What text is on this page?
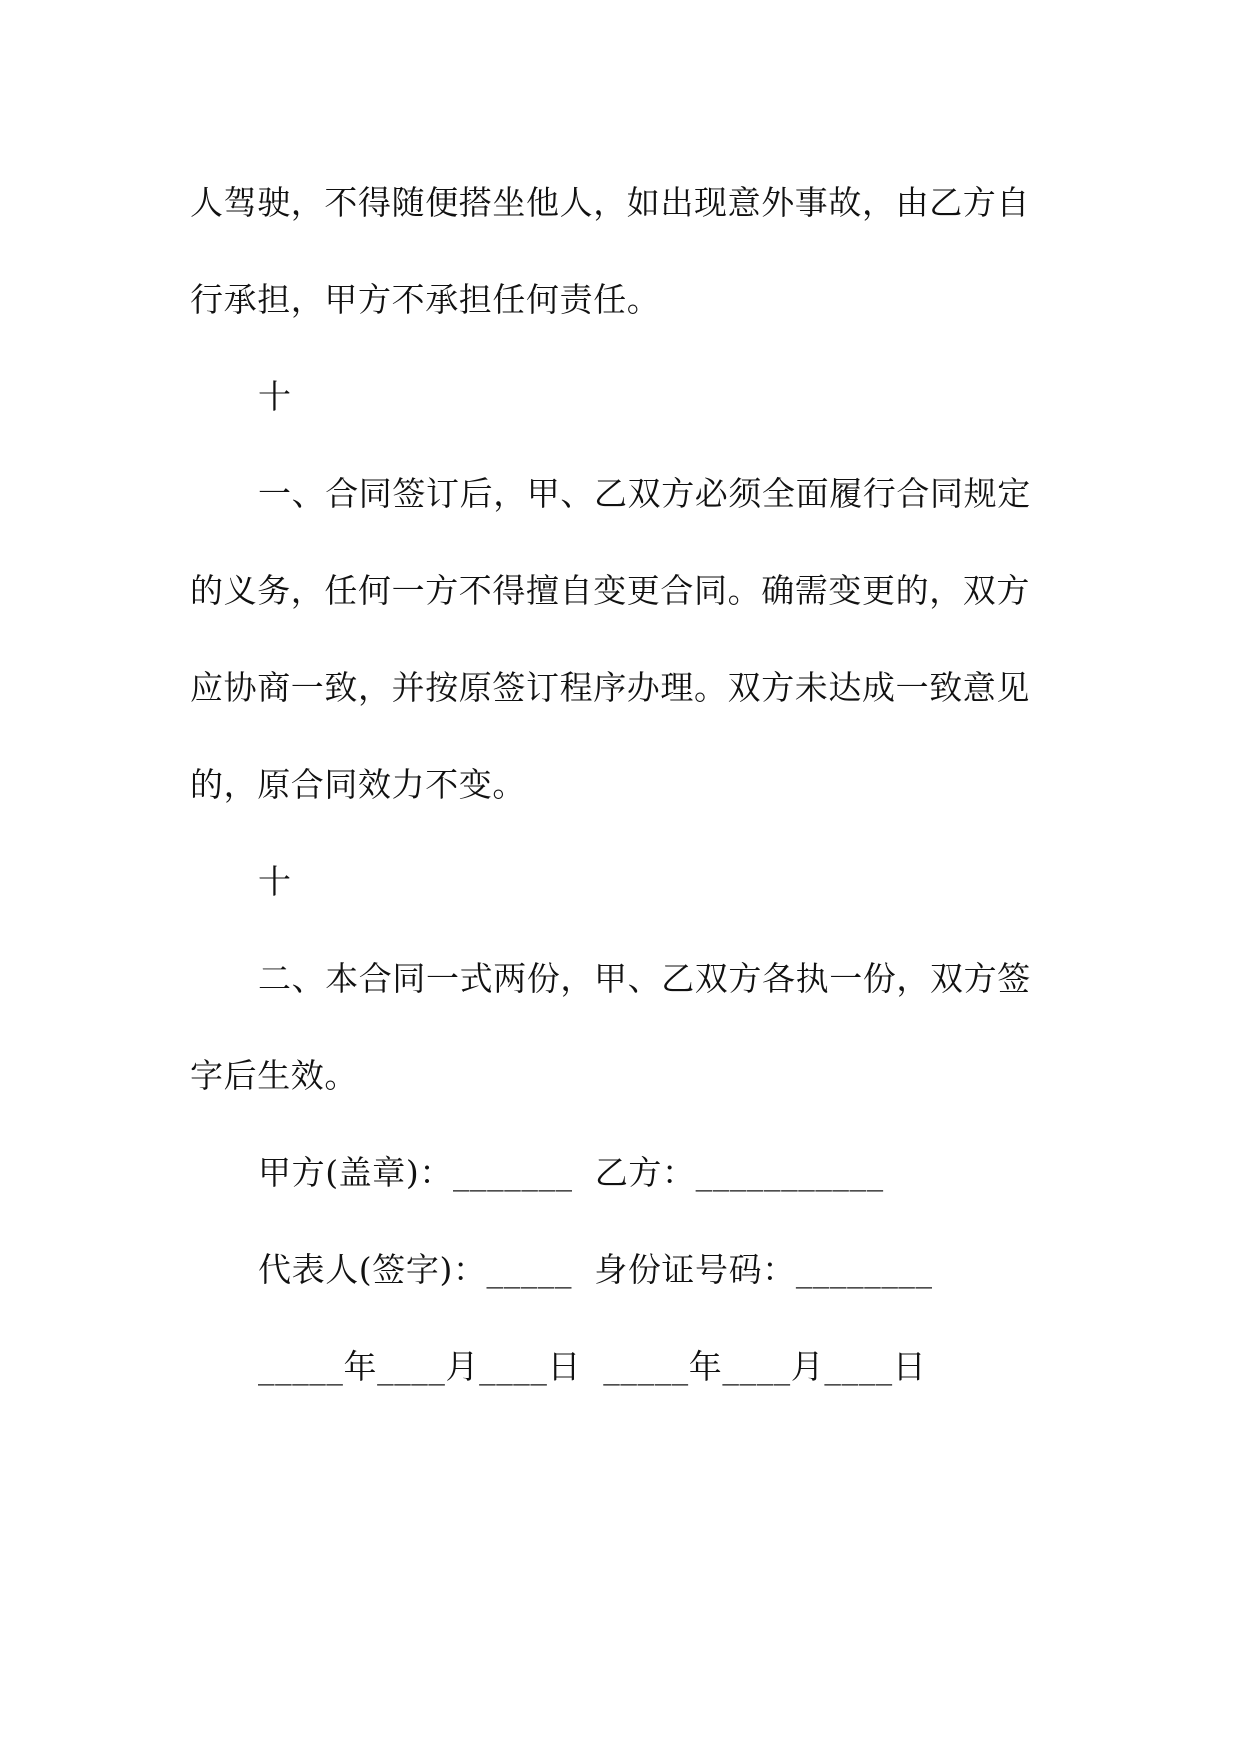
人驾驶，不得随便搭坐他人，如出现意外事故，由乙方自
行承担，甲方不承担任何责任。
十
一、合同签订后，甲、乙双方必须全面履行合同规定
的义务，任何一方不得擅自变更合同。确需变更的，双方
应协商一致，并按原签订程序办理。双方未达成一致意见
的，原合同效力不变。
十
二、本合同一式两份，甲、乙双方各执一份，双方签
字后生效。
甲方(盖章)：_______  乙方：___________
代表人(签字)：_____  身份证号码：________
_____年____月____日  _____年____月____日
